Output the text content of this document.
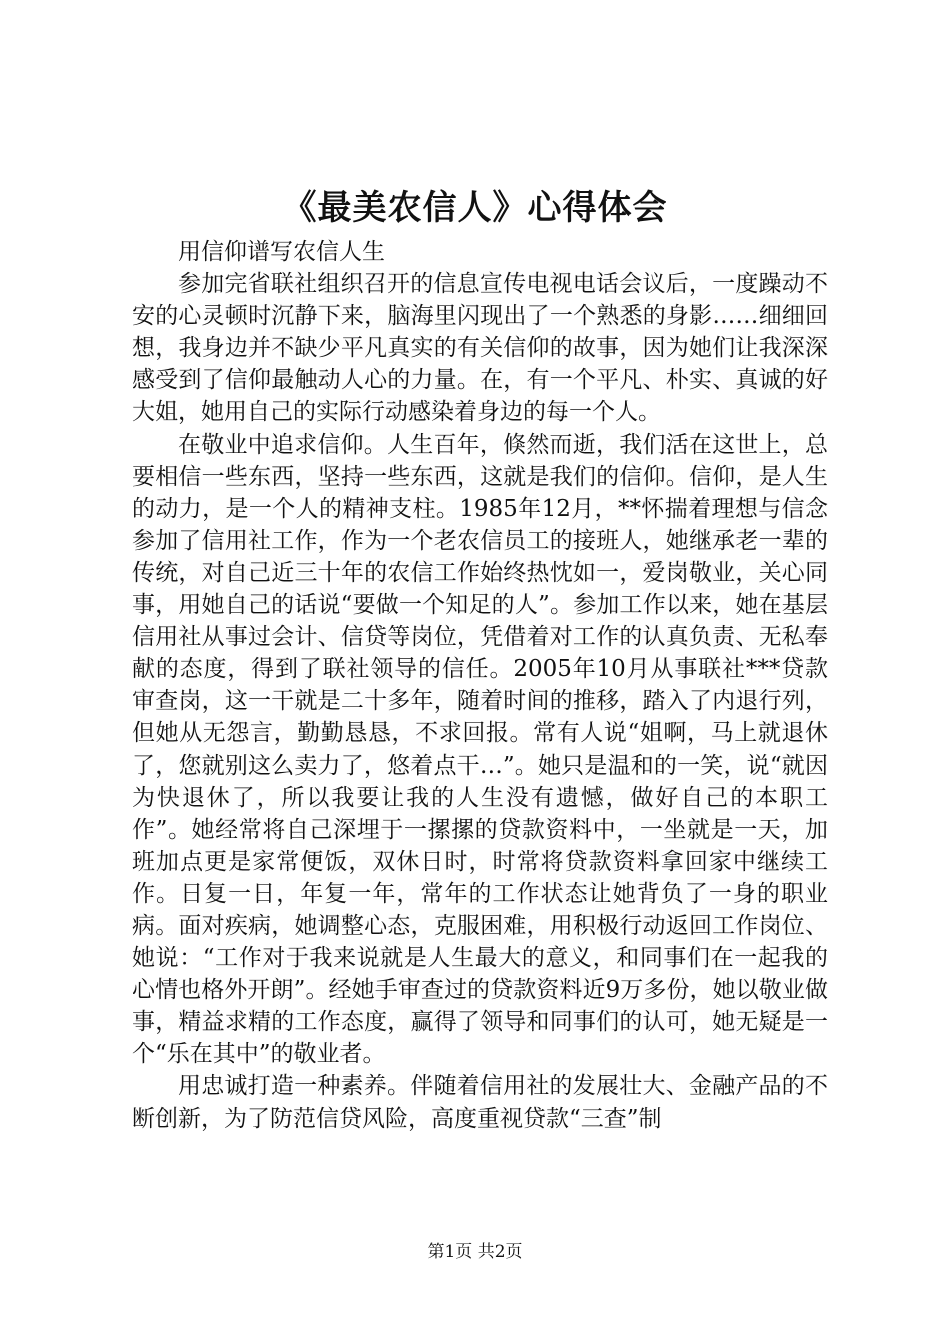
《最美农信人》心得体会

用信仰谱写农信人生

参加完省联社组织召开的信息宣传电视电话会议后，一度躁动不安的心灵顿时沉静下来，脑海里闪现出了一个熟悉的身影……细细回想，我身边并不缺少平凡真实的有关信仰的故事，因为她们让我深深感受到了信仰最触动人心的力量。在，有一个平凡、朴实、真诚的好大姐，她用自己的实际行动感染着身边的每一个人。

在敬业中追求信仰。人生百年，倏然而逝，我们活在这世上，总要相信一些东西，坚持一些东西，这就是我们的信仰。信仰，是人生的动力，是一个人的精神支柱。1985年12月，**怀揣着理想与信念参加了信用社工作，作为一个老农信员工的接班人，她继承老一辈的传统，对自己近三十年的农信工作始终热忱如一，爱岗敬业，关心同事，用她自己的话说“要做一个知足的人”。参加工作以来，她在基层信用社从事过会计、信贷等岗位，凭借着对工作的认真负责、无私奉献的态度，得到了联社领导的信任。2005年10月从事联社***贷款审查岗，这一干就是二十多年，随着时间的推移，踏入了内退行列，但她从无怨言，勤勤恳恳，不求回报。常有人说“姐啊，马上就退休了，您就别这么卖力了，悠着点干…”。她只是温和的一笑，说“就因为快退休了，所以我要让我的人生没有遗憾，做好自己的本职工作”。她经常将自己深埋于一摞摞的贷款资料中，一坐就是一天，加班加点更是家常便饭，双休日时，时常将贷款资料拿回家中继续工作。日复一日，年复一年，常年的工作状态让她背负了一身的职业病。面对疾病，她调整心态，克服困难，用积极行动返回工作岗位、她说：“工作对于我来说就是人生最大的意义，和同事们在一起我的心情也格外开朗”。经她手审查过的贷款资料近9万多份，她以敬业做事，精益求精的工作态度，赢得了领导和同事们的认可，她无疑是一个“乐在其中”的敬业者。

用忠诚打造一种素养。伴随着信用社的发展壮大、金融产品的不断创新，为了防范信贷风险，高度重视贷款“三查”制

第1页 共2页
